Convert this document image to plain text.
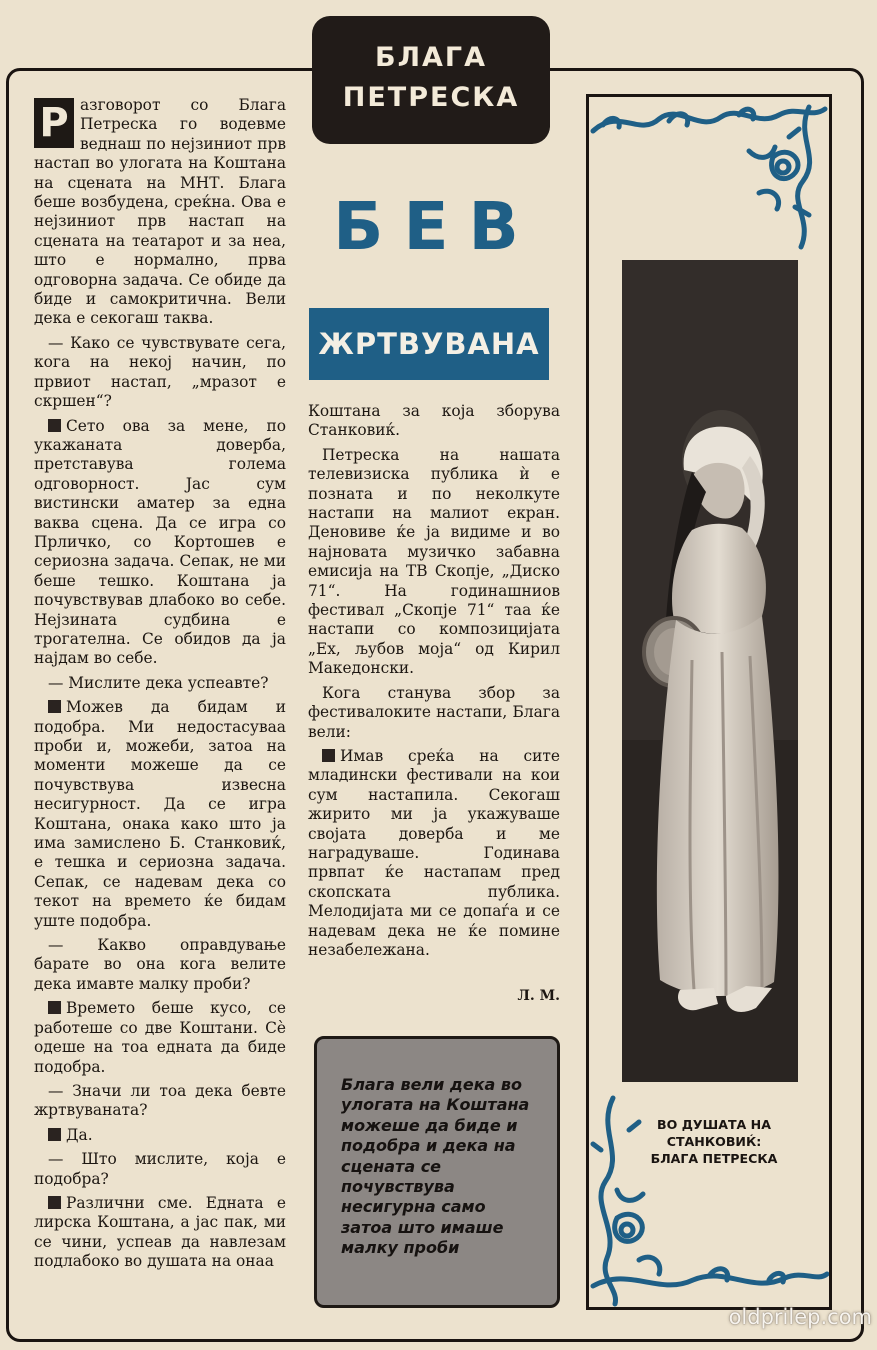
БЛАГА
ПЕТРЕСКА

Р азговорот со Блага Петреска го водевме веднаш по нејзиниот прв настап во улогата на Коштана на сцената на МНТ. Блага беше возбудена, среќна. Ова е нејзиниот прв настап на сцената на театарот и за неа, што е нормално, прва одговорна задача. Се обиде да биде и самокритична. Вели дека е секогаш таква.

— Како се чувствувате сега, кога на некој начин, по првиот настап, „мразот е скршен“?

Сето ова за мене, по укажаната доверба, претставува голема одговорност. Јас сум вистински аматер за една ваква сцена. Да се игра со Прличко, со Кортошев е сериозна задача. Сепак, не ми беше тешко. Коштана ја почувствував длабоко во себе. Нејзината судбина е трогателна. Се обидов да ја најдам во себе.

— Мислите дека успеавте?

Можев да бидам и подобра. Ми недостасуваа проби и, можеби, затоа на моменти можеше да се почувствува извесна несигурност. Да се игра Коштана, онака како што ја има замислено Б. Станковиќ, е тешка и сериозна задача. Сепак, се надевам дека со текот на времето ќе бидам уште подобра.

— Какво оправдување барате во она кога велите дека имавте малку проби?

Времето беше кусо, се работеше со две Коштани. Сè одеше на тоа едната да биде подобра.

— Значи ли тоа дека бевте жртвуваната?

Да.

— Што мислите, која е подобра?

Различни сме. Едната е лирска Коштана, а јас пак, ми се чини, успеав да навлезам подлабоко во душата на онаа

БЕВ
ЖРТВУВАНА

Коштана за која зборува Станковиќ.

Петреска на нашата телевизиска публика ѝ е позната и по неколкуте настапи на малиот екран. Деновиве ќе ја видиме и во најновата музичко забавна емисија на ТВ Скопје, „Диско 71“. На годинашниов фестивал „Скопје 71“ таа ќе настапи со композицијата „Ех, љубов моја“ од Кирил Македонски.

Кога станува збор за фестивалоките настапи, Блага вели:

Имав среќа на сите младински фестивали на кои сум настапила. Секогаш жирито ми ја укажуваше својата доверба и ме наградуваше. Годинава првпат ќе настапам пред скопската публика. Мелодијата ми се допаѓа и се надевам дека не ќе помине незабележана.

Л. М.

Блага вели дека во улогата на Коштана можеше да биде и подобра и дека на сцената се почувствува несигурна само затоа што имаше малку проби

ВО ДУШАТА НА
СТАНКОВИЌ:
БЛАГА ПЕТРЕСКА
oldprilep.com
